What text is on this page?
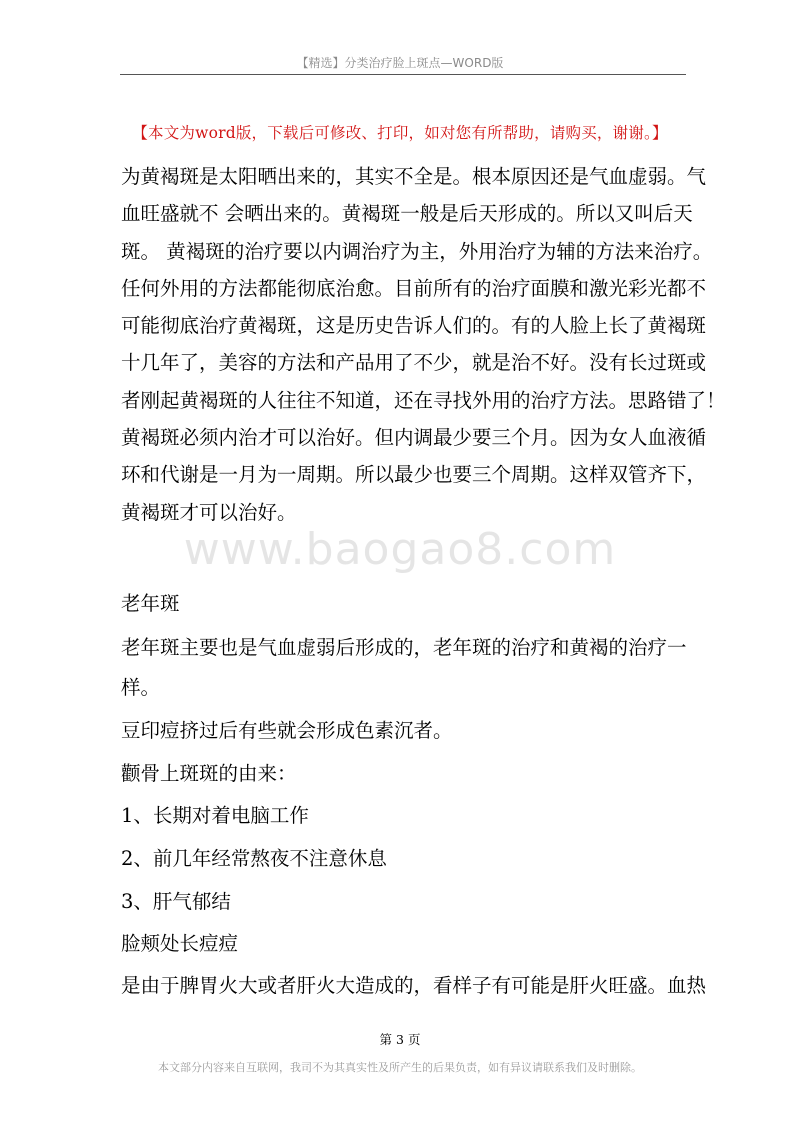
【精选】分类治疗脸上斑点—WORD版
【本文为word版，下载后可修改、打印，如对您有所帮助，请购买，谢谢。】
为黄褐斑是太阳晒出来的，其实不全是。根本原因还是气血虚弱。气
血旺盛就不 会晒出来的。黄褐斑一般是后天形成的。所以又叫后天
斑。 黄褐斑的治疗要以内调治疗为主，外用治疗为辅的方法来治疗。
任何外用的方法都能彻底治愈。目前所有的治疗面膜和激光彩光都不
可能彻底治疗黄褐斑，这是历史告诉人们的。有的人脸上长了黄褐斑
十几年了，美容的方法和产品用了不少，就是治不好。没有长过斑或
者刚起黄褐斑的人往往不知道，还在寻找外用的治疗方法。思路错了！
黄褐斑必须内治才可以治好。但内调最少要三个月。因为女人血液循
环和代谢是一月为一周期。所以最少也要三个周期。这样双管齐下，
黄褐斑才可以治好。
www.baogao8.com
老年斑
老年斑主要也是气血虚弱后形成的，老年斑的治疗和黄褐的治疗一
样。
豆印痘挤过后有些就会形成色素沉者。
颧骨上斑斑的由来：
1、长期对着电脑工作
2、前几年经常熬夜不注意休息
3、肝气郁结
脸颊处长痘痘
是由于脾胃火大或者肝火大造成的，看样子有可能是肝火旺盛。血热
第 3 页
本文部分内容来自互联网，我司不为其真实性及所产生的后果负责，如有异议请联系我们及时删除。
